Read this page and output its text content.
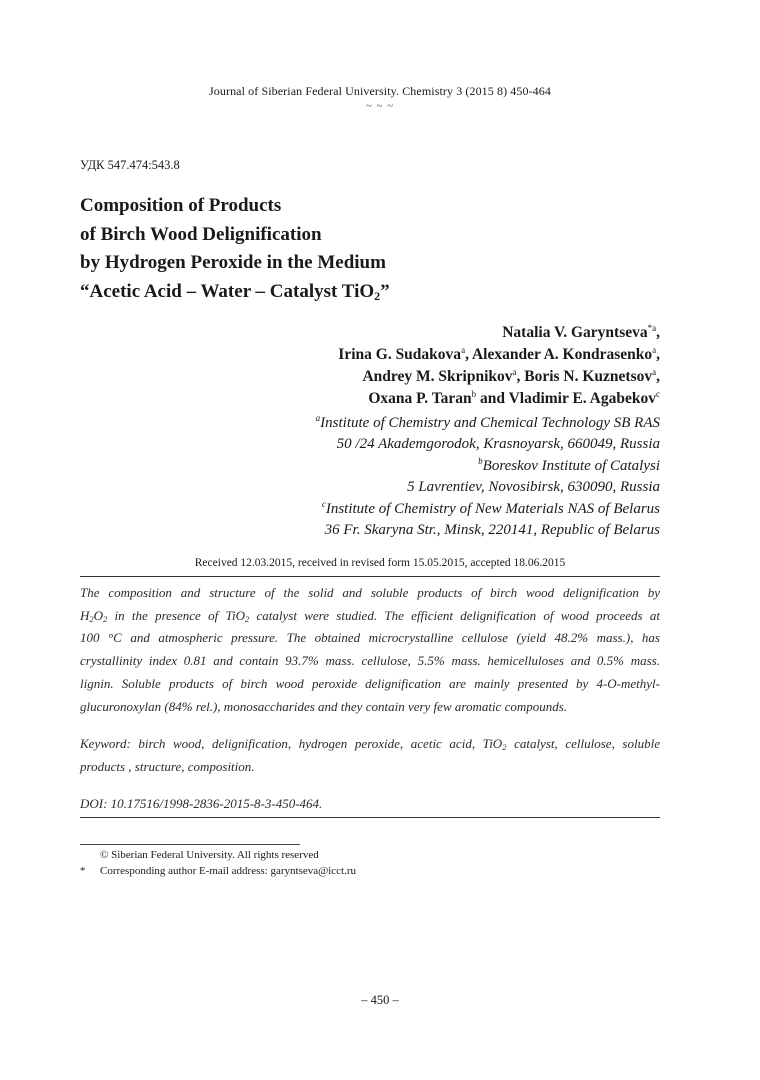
Journal of Siberian Federal University. Chemistry 3 (2015 8) 450-464
~ ~ ~
УДК 547.474:543.8
Composition of Products
of Birch Wood Delignification
by Hydrogen Peroxide in the Medium
“Acetic Acid – Water – Catalyst TiO$_2$”
Natalia V. Garyntseva$^{*a}$,
Irina G. Sudakova$^a$, Alexander A. Kondrasenko$^a$,
Andrey M. Skripnikov$^a$, Boris N. Kuznetsov$^a$,
Oxana P. Taran$^b$ and Vladimir E. Agabekov$^c$
$^a$Institute of Chemistry and Chemical Technology SB RAS
50 /24 Akademgorodok, Krasnoyarsk, 660049, Russia
$^b$Boreskov Institute of Catalysi
5 Lavrentiev, Novosibirsk, 630090, Russia
$^c$Institute of Chemistry of New Materials NAS of Belarus
36 Fr. Skaryna Str., Minsk, 220141, Republic of Belarus
Received 12.03.2015, received in revised form 15.05.2015, accepted 18.06.2015
The composition and structure of the solid and soluble products of birch wood delignification by
$H_2O_2$ in the presence of TiO$_2$ catalyst were studied. The efficient delignification of wood proceeds at
100 °C and atmospheric pressure. The obtained microcrystalline cellulose (yield 48.2% mass.), has
crystallinity index 0.81 and contain 93.7% mass. cellulose, 5.5% mass. hemicelluloses and 0.5% mass.
lignin. Soluble products of birch wood peroxide delignification are mainly presented by 4-O-methyl-
glucuronoxylan (84% rel.), monosaccharides and they contain very few aromatic compounds.
Keyword: birch wood, delignification, hydrogen peroxide, acetic acid, TiO$_2$ catalyst, cellulose, soluble
products , structure, composition.
DOI: 10.17516/1998-2836-2015-8-3-450-464.
© Siberian Federal University. All rights reserved
* Corresponding author E-mail address: garyntseva@icct.ru
– 450 –
